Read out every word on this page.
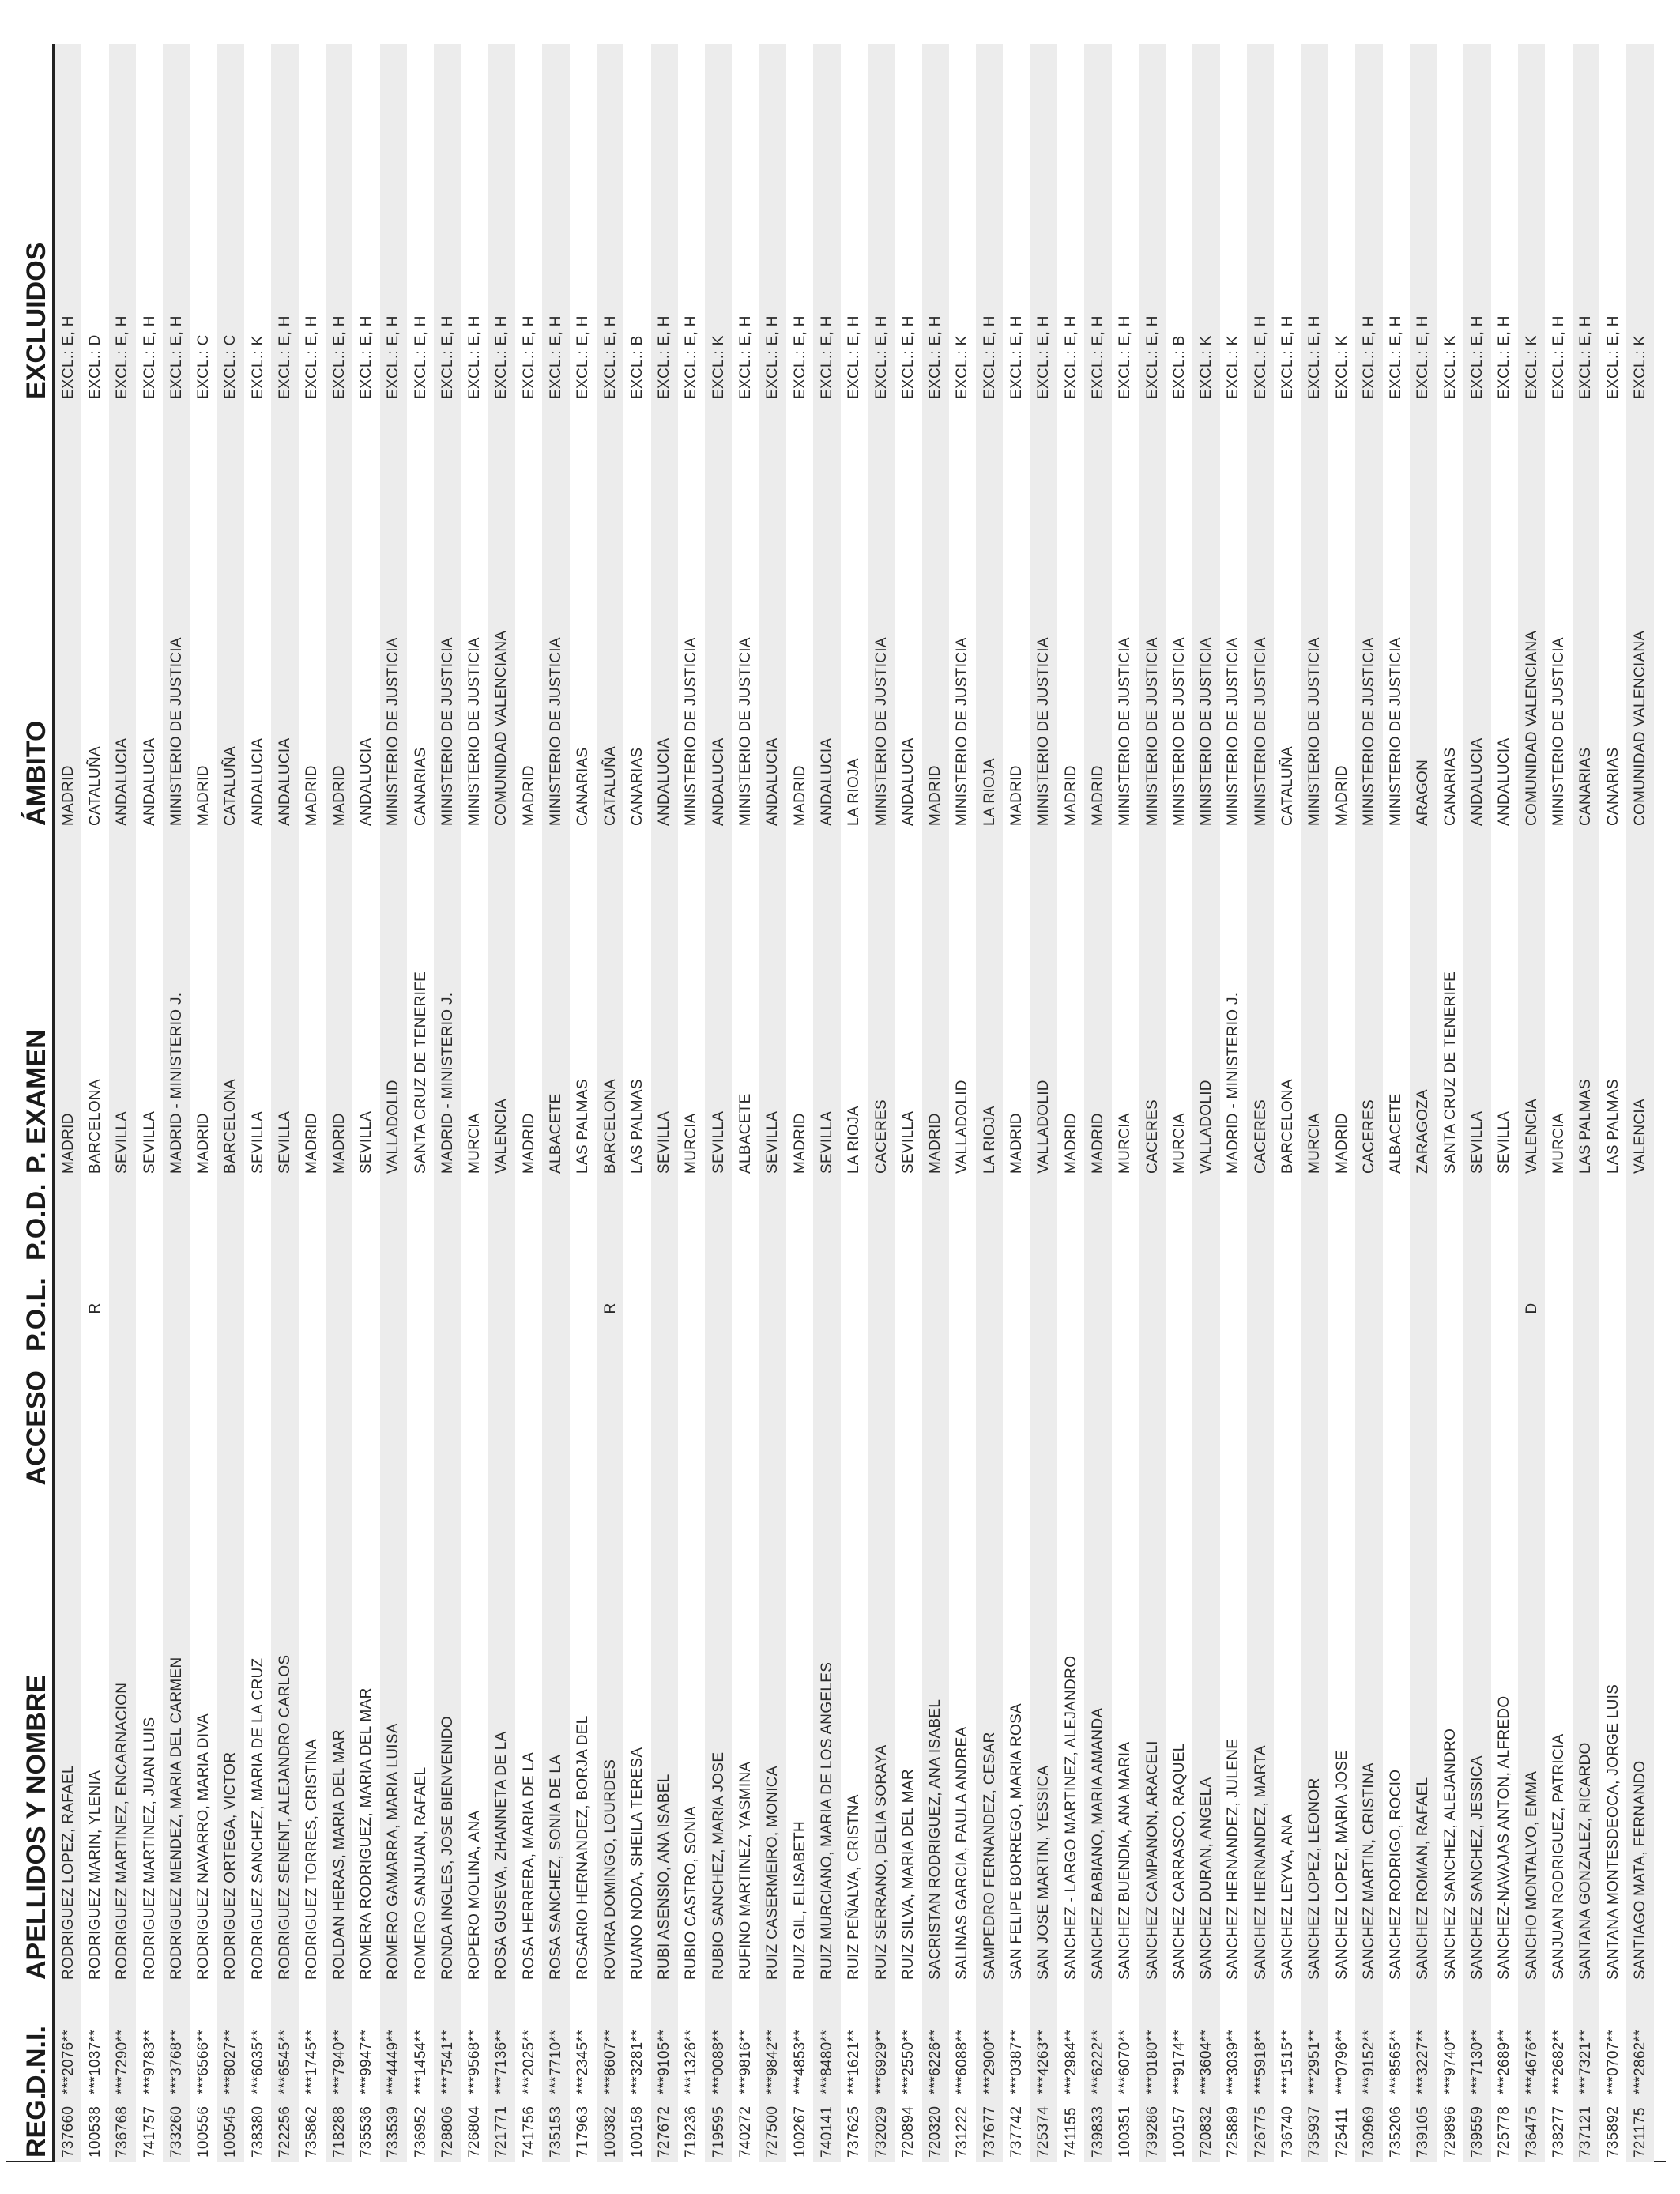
REG.	D.N.I.	APELLIDOS Y NOMBRE	ACCESO	P.O.L.	P.O.D.	P. EXAMEN	ÁMBITO	EXCLUIDOS
737660	***2076**	RODRIGUEZ LOPEZ, RAFAEL				MADRID	MADRID	EXCL.: E, H
100538	***1037**	RODRIGUEZ MARIN, YLENIA		R		BARCELONA	CATALUÑA	EXCL.: D
736768	***7290**	RODRIGUEZ MARTINEZ, ENCARNACION				SEVILLA	ANDALUCIA	EXCL.: E, H
741757	***9783**	RODRIGUEZ MARTINEZ, JUAN LUIS				SEVILLA	ANDALUCIA	EXCL.: E, H
733260	***3768**	RODRIGUEZ MENDEZ, MARIA DEL CARMEN				MADRID - MINISTERIO J.	MINISTERIO DE JUSTICIA	EXCL.: E, H
100556	***6566**	RODRIGUEZ NAVARRO, MARIA DIVA				MADRID	MADRID	EXCL.: C
100545	***8027**	RODRIGUEZ ORTEGA, VICTOR				BARCELONA	CATALUÑA	EXCL.: C
738380	***6035**	RODRIGUEZ SANCHEZ, MARIA DE LA CRUZ				SEVILLA	ANDALUCIA	EXCL.: K
722256	***6545**	RODRIGUEZ SENENT, ALEJANDRO CARLOS				SEVILLA	ANDALUCIA	EXCL.: E, H
735862	***1745**	RODRIGUEZ TORRES, CRISTINA				MADRID	MADRID	EXCL.: E, H
718288	***7940**	ROLDAN HERAS, MARIA DEL MAR				MADRID	MADRID	EXCL.: E, H
735536	***9947**	ROMERA RODRIGUEZ, MARIA DEL MAR				SEVILLA	ANDALUCIA	EXCL.: E, H
733539	***4449**	ROMERO GAMARRA, MARIA LUISA				VALLADOLID	MINISTERIO DE JUSTICIA	EXCL.: E, H
736952	***1454**	ROMERO SANJUAN, RAFAEL				SANTA CRUZ DE TENERIFE	CANARIAS	EXCL.: E, H
728806	***7541**	RONDA INGLES, JOSE BIENVENIDO				MADRID - MINISTERIO J.	MINISTERIO DE JUSTICIA	EXCL.: E, H
726804	***9568**	ROPERO MOLINA, ANA				MURCIA	MINISTERIO DE JUSTICIA	EXCL.: E, H
721771	***7136**	ROSA GUSEVA, ZHANNETA DE LA				VALENCIA	COMUNIDAD VALENCIANA	EXCL.: E, H
741756	***2025**	ROSA HERRERA, MARIA DE LA				MADRID	MADRID	EXCL.: E, H
735153	***7710**	ROSA SANCHEZ, SONIA DE LA				ALBACETE	MINISTERIO DE JUSTICIA	EXCL.: E, H
717963	***2345**	ROSARIO HERNANDEZ, BORJA DEL				LAS PALMAS	CANARIAS	EXCL.: E, H
100382	***8607**	ROVIRA DOMINGO, LOURDES		R		BARCELONA	CATALUÑA	EXCL.: E, H
100158	***3281**	RUANO NODA, SHEILA TERESA				LAS PALMAS	CANARIAS	EXCL.: B
727672	***9105**	RUBI ASENSIO, ANA ISABEL				SEVILLA	ANDALUCIA	EXCL.: E, H
719236	***1326**	RUBIO CASTRO, SONIA				MURCIA	MINISTERIO DE JUSTICIA	EXCL.: E, H
719595	***0088**	RUBIO SANCHEZ, MARIA JOSE				SEVILLA	ANDALUCIA	EXCL.: K
740272	***9816**	RUFINO MARTINEZ, YASMINA				ALBACETE	MINISTERIO DE JUSTICIA	EXCL.: E, H
727500	***9842**	RUIZ CASERMEIRO, MONICA				SEVILLA	ANDALUCIA	EXCL.: E, H
100267	***4853**	RUIZ GIL, ELISABETH				MADRID	MADRID	EXCL.: E, H
740141	***8480**	RUIZ MURCIANO, MARIA DE LOS ANGELES				SEVILLA	ANDALUCIA	EXCL.: E, H
737625	***1621**	RUIZ PEÑALVA, CRISTNA				LA RIOJA	LA RIOJA	EXCL.: E, H
732029	***6929**	RUIZ SERRANO, DELIA SORAYA				CACERES	MINISTERIO DE JUSTICIA	EXCL.: E, H
720894	***2550**	RUIZ SILVA, MARIA DEL MAR				SEVILLA	ANDALUCIA	EXCL.: E, H
720320	***6226**	SACRISTAN RODRIGUEZ, ANA ISABEL				MADRID	MADRID	EXCL.: E, H
731222	***6088**	SALINAS GARCIA, PAULA ANDREA				VALLADOLID	MINISTERIO DE JUSTICIA	EXCL.: K
737677	***2900**	SAMPEDRO FERNANDEZ, CESAR				LA RIOJA	LA RIOJA	EXCL.: E, H
737742	***0387**	SAN FELIPE BORREGO, MARIA ROSA				MADRID	MADRID	EXCL.: E, H
725374	***4263**	SAN JOSE MARTIN, YESSICA				VALLADOLID	MINISTERIO DE JUSTICIA	EXCL.: E, H
741155	***2984**	SANCHEZ - LARGO MARTINEZ, ALEJANDRO				MADRID	MADRID	EXCL.: E, H
739833	***6222**	SANCHEZ BABIANO, MARIA AMANDA				MADRID	MADRID	EXCL.: E, H
100351	***6070**	SANCHEZ BUENDIA, ANA MARIA				MURCIA	MINISTERIO DE JUSTICIA	EXCL.: E, H
739286	***0180**	SANCHEZ CAMPANON, ARACELI				CACERES	MINISTERIO DE JUSTICIA	EXCL.: E, H
100157	***9174**	SANCHEZ CARRASCO, RAQUEL				MURCIA	MINISTERIO DE JUSTICIA	EXCL.: B
720832	***3604**	SANCHEZ DURAN, ANGELA				VALLADOLID	MINISTERIO DE JUSTICIA	EXCL.: K
725889	***3039**	SANCHEZ HERNANDEZ, JULENE				MADRID - MINISTERIO J.	MINISTERIO DE JUSTICIA	EXCL.: K
726775	***5918**	SANCHEZ HERNANDEZ, MARTA				CACERES	MINISTERIO DE JUSTICIA	EXCL.: E, H
736740	***1515**	SANCHEZ LEYVA, ANA				BARCELONA	CATALUÑA	EXCL.: E, H
735937	***2951**	SANCHEZ LOPEZ, LEONOR				MURCIA	MINISTERIO DE JUSTICIA	EXCL.: E, H
725411	***0796**	SANCHEZ LOPEZ, MARIA JOSE				MADRID	MADRID	EXCL.: K
730969	***9152**	SANCHEZ MARTIN, CRISTINA				CACERES	MINISTERIO DE JUSTICIA	EXCL.: E, H
735206	***8565**	SANCHEZ RODRIGO, ROCIO				ALBACETE	MINISTERIO DE JUSTICIA	EXCL.: E, H
739105	***3227**	SANCHEZ ROMAN, RAFAEL				ZARAGOZA	ARAGON	EXCL.: E, H
729896	***9740**	SANCHEZ SANCHEZ, ALEJANDRO				SANTA CRUZ DE TENERIFE	CANARIAS	EXCL.: K
739559	***7130**	SANCHEZ SANCHEZ, JESSICA				SEVILLA	ANDALUCIA	EXCL.: E, H
725778	***2689**	SANCHEZ-NAVAJAS ANTON, ALFREDO				SEVILLA	ANDALUCIA	EXCL.: E, H
736475	***4676**	SANCHO MONTALVO, EMMA		D		VALENCIA	COMUNIDAD VALENCIANA	EXCL.: K
738277	***2682**	SANJUAN RODRIGUEZ, PATRICIA				MURCIA	MINISTERIO DE JUSTICIA	EXCL.: E, H
737121	***7321**	SANTANA GONZALEZ, RICARDO				LAS PALMAS	CANARIAS	EXCL.: E, H
735892	***0707**	SANTANA MONTESDEOCA, JORGE LUIS				LAS PALMAS	CANARIAS	EXCL.: E, H
721175	***2862**	SANTIAGO MATA, FERNANDO				VALENCIA	COMUNIDAD VALENCIANA	EXCL.: K
